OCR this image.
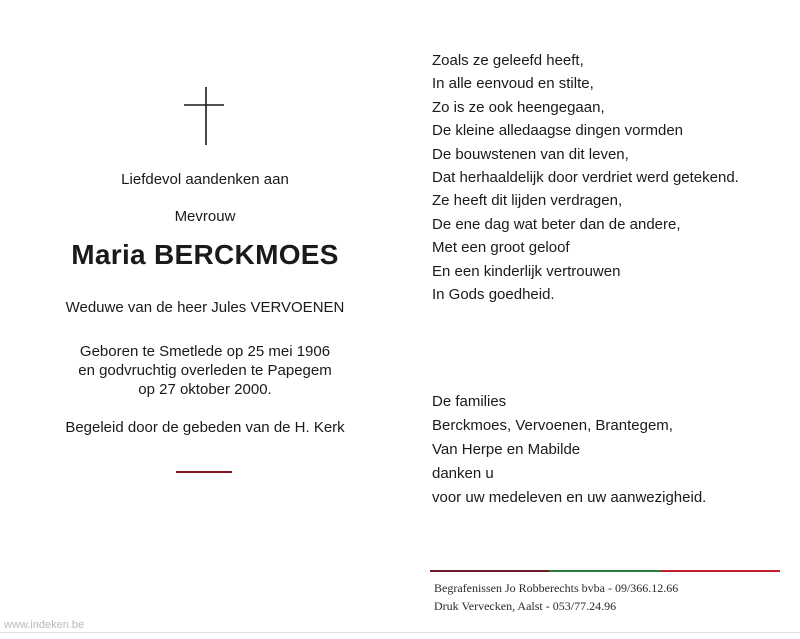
Liefdevol aandenken aan
Mevrouw
Maria BERCKMOES
Weduwe van de heer Jules VERVOENEN
Geboren te Smetlede op 25 mei 1906
en godvruchtig overleden te Papegem
op 27 oktober 2000.
Begeleid door de gebeden van de H. Kerk
Zoals ze geleefd heeft,
In alle eenvoud en stilte,
Zo is ze ook heengegaan,
De kleine alledaagse dingen vormden
De bouwstenen van dit leven,
Dat herhaaldelijk door verdriet werd getekend.
Ze heeft dit lijden verdragen,
De ene dag wat beter dan de andere,
Met een groot geloof
En een kinderlijk vertrouwen
In Gods goedheid.
De families
Berckmoes, Vervoenen, Brantegem,
Van Herpe en Mabilde
danken u
voor uw medeleven en uw aanwezigheid.
Begrafenissen Jo Robberechts bvba - 09/366.12.66
Druk Vervecken, Aalst - 053/77.24.96
www.indeken.be
